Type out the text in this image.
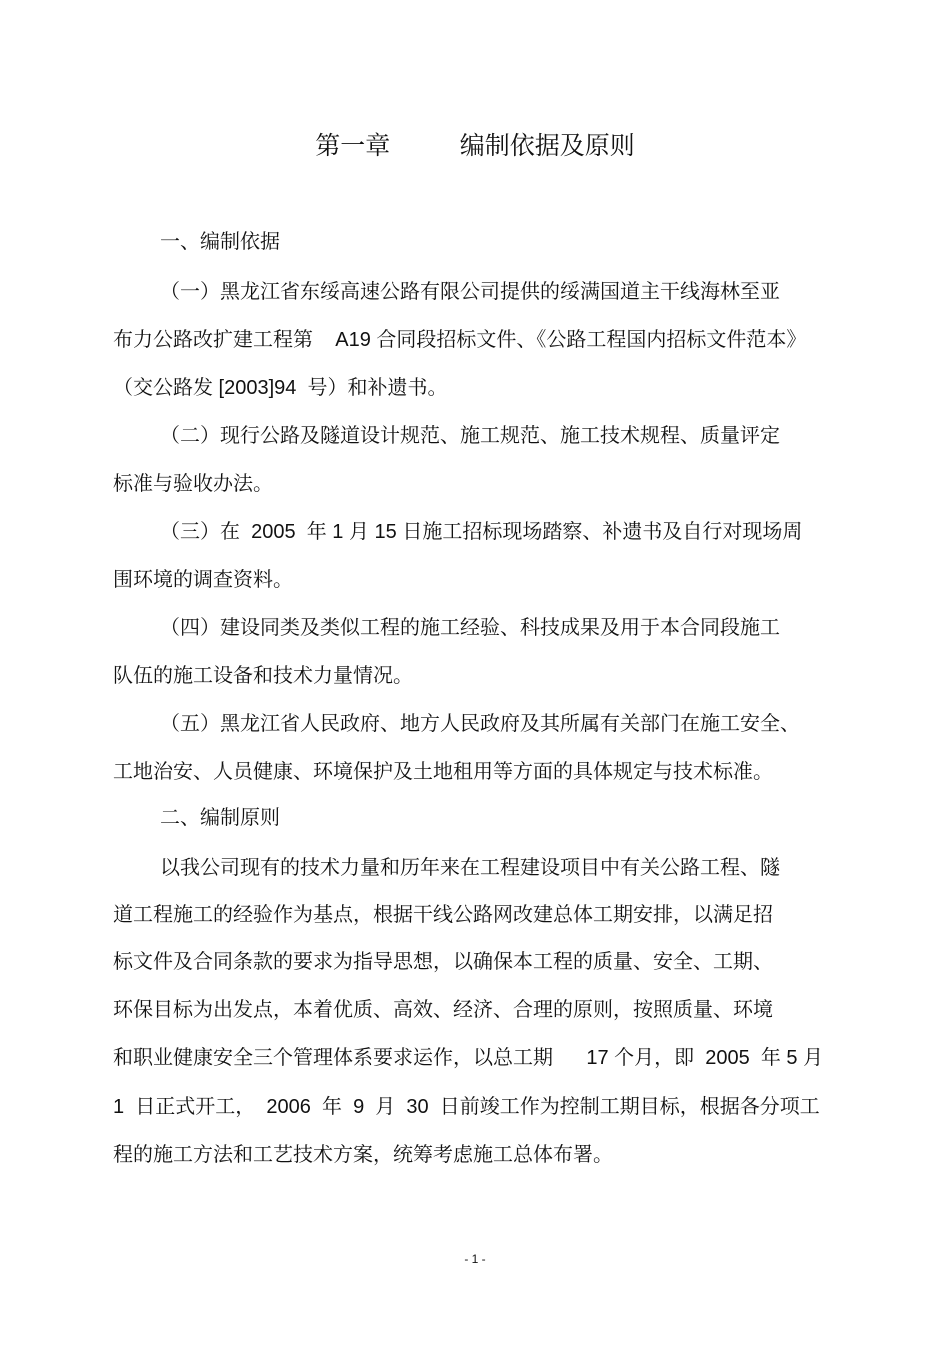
第一章          编制依据及原则
一、编制依据
（一）黑龙江省东绥高速公路有限公司提供的绥满国道主干线海林至亚
布力公路改扩建工程第    A19 合同段招标文件、《公路工程国内招标文件范本》
（交公路发 [2003]94  号）和补遗书。
（二）现行公路及隧道设计规范、施工规范、施工技术规程、质量评定
标准与验收办法。
（三）在  2005  年 1 月 15 日施工招标现场踏察、补遗书及自行对现场周
围环境的调查资料。
（四）建设同类及类似工程的施工经验、科技成果及用于本合同段施工
队伍的施工设备和技术力量情况。
（五）黑龙江省人民政府、地方人民政府及其所属有关部门在施工安全、
工地治安、人员健康、环境保护及土地租用等方面的具体规定与技术标准。
二、编制原则
以我公司现有的技术力量和历年来在工程建设项目中有关公路工程、隧
道工程施工的经验作为基点，根据干线公路网改建总体工期安排，以满足招
标文件及合同条款的要求为指导思想，以确保本工程的质量、安全、工期、
环保目标为出发点，本着优质、高效、经济、合理的原则，按照质量、环境
和职业健康安全三个管理体系要求运作，以总工期      17 个月，即  2005  年 5 月
1  日正式开工，  2006  年  9  月  30  日前竣工作为控制工期目标，根据各分项工
程的施工方法和工艺技术方案，统筹考虑施工总体布署。
- 1 -
